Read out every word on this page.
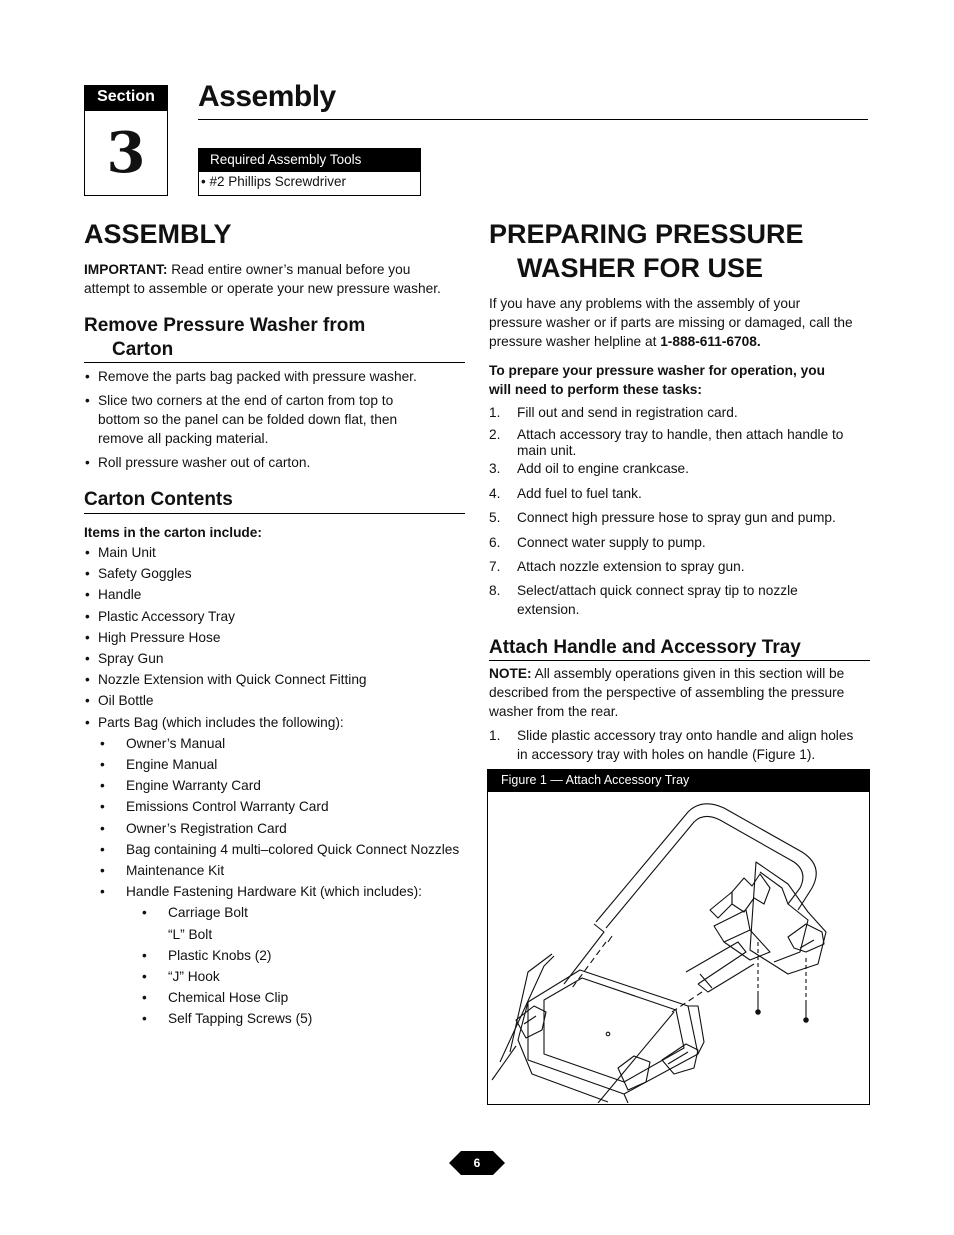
Section
3
Assembly
Required Assembly Tools
• #2 Phillips Screwdriver
ASSEMBLY
IMPORTANT: Read entire owner’s manual before you
attempt to assemble or operate your new pressure washer.
Remove Pressure Washer from
Carton
• Remove the parts bag packed with pressure washer.
• Slice two corners at the end of carton from top to
bottom so the panel can be folded down flat, then
remove all packing material.
• Roll pressure washer out of carton.
Carton Contents
Items in the carton include:
• Main Unit
• Safety Goggles
• Handle
• Plastic Accessory Tray
• High Pressure Hose
• Spray Gun
• Nozzle Extension with Quick Connect Fitting
• Oil Bottle
• Parts Bag (which includes the following):
• Owner’s Manual
• Engine Manual
• Engine Warranty Card
• Emissions Control Warranty Card
• Owner’s Registration Card
• Bag containing 4 multi–colored Quick Connect Nozzles
• Maintenance Kit
• Handle Fastening Hardware Kit (which includes):
• Carriage Bolt
“L” Bolt
• Plastic Knobs (2)
• “J” Hook
• Chemical Hose Clip
• Self Tapping Screws (5)
PREPARING PRESSURE
WASHER FOR USE
If you have any problems with the assembly of your
pressure washer or if parts are missing or damaged, call the
pressure washer helpline at 1-888-611-6708.
To prepare your pressure washer for operation, you
will need to perform these tasks:
1. Fill out and send in registration card.
2. Attach accessory tray to handle, then attach handle to
main unit.
3. Add oil to engine crankcase.
4. Add fuel to fuel tank.
5. Connect high pressure hose to spray gun and pump.
6. Connect water supply to pump.
7. Attach nozzle extension to spray gun.
8. Select/attach quick connect spray tip to nozzle
extension.
Attach Handle and Accessory Tray
NOTE: All assembly operations given in this section will be
described from the perspective of assembling the pressure
washer from the rear.
1. Slide plastic accessory tray onto handle and align holes
in accessory tray with holes on handle (Figure 1).
Figure 1 — Attach Accessory Tray
6
